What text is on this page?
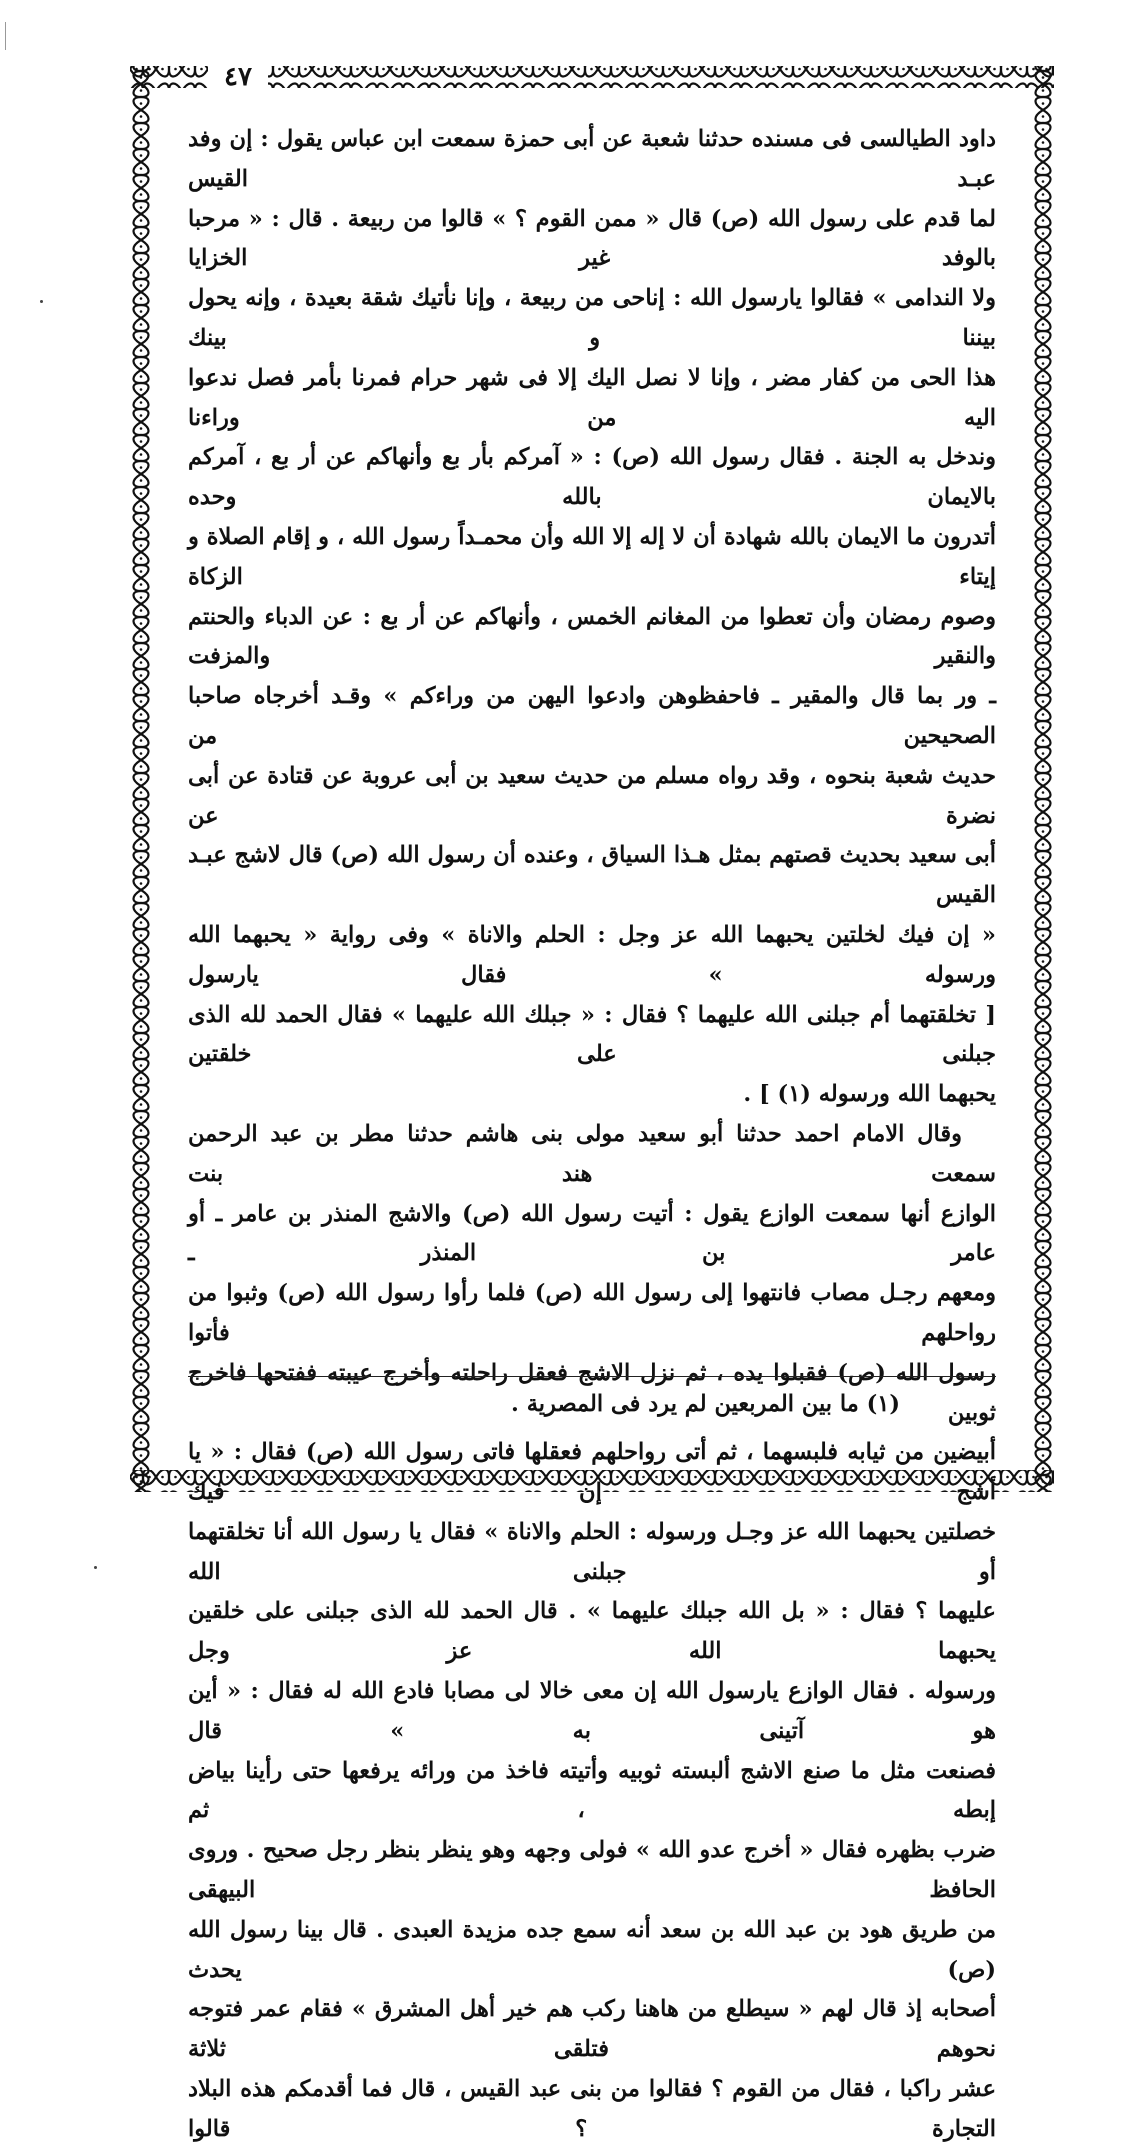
٤٧

داود الطيالسى فى مسنده حدثنا شعبة عن أبى حمزة سمعت ابن عباس يقول : إن وفد عبـد القيس

لما قدم على رسول الله (ص) قال « ممن القوم ؟ » قالوا من ربيعة . قال : « مرحبا بالوفد غير الخزايا

ولا الندامى » فقالوا يارسول الله : إناحى من ربيعة ، وإنا نأتيك شقة بعيدة ، وإنه يحول بيننا و بينك

هذا الحى من كفار مضر ، وإنا لا نصل اليك إلا فى شهر حرام فمرنا بأمر فصل ندعوا اليه من وراءنا

وندخل به الجنة . فقال رسول الله (ص) : « آمركم بأر بع وأنهاكم عن أر بع ، آمركم بالايمان بالله وحده

أتدرون ما الايمان بالله شهادة أن لا إله إلا الله وأن محمـداً رسول الله ، و إقام الصلاة و إيتاء الزكاة

وصوم رمضان وأن تعطوا من المغانم الخمس ، وأنهاكم عن أر بع : عن الدباء والحنتم والنقير والمزفت

ـ ور بما قال والمقير ـ فاحفظوهن وادعوا اليهن من وراءكم » وقـد أخرجاه صاحبا الصحيحين من

حديث شعبة بنحوه ، وقد رواه مسلم من حديث سعيد بن أبى عروبة عن قتادة عن أبى نضرة عن

أبى سعيد بحديث قصتهم بمثل هـذا السياق ، وعنده أن رسول الله (ص) قال لاشج عبـد القيس

« إن فيك لخلتين يحبهما الله عز وجل : الحلم والاناة » وفى رواية « يحبهما الله ورسوله » فقال يارسول

[ تخلقتهما أم جبلنى الله عليهما ؟ فقال : « جبلك الله عليهما » فقال الحمد لله الذى جبلنى على خلقتين

يحبهما الله ورسوله (١) ] .

وقال الامام احمد حدثنا أبو سعيد مولى بنى هاشم حدثنا مطر بن عبد الرحمن سمعت هند بنت

الوازع أنها سمعت الوازع يقول : أتيت رسول الله (ص) والاشج المنذر بن عامر ـ أو عامر بن المنذر ـ

ومعهم رجـل مصاب فانتهوا إلى رسول الله (ص) فلما رأوا رسول الله (ص) وثبوا من رواحلهم فأتوا

رسول الله (ص) فقبلوا يده ، ثم نزل الاشج فعقل راحلته وأخرج عيبته ففتحها فاخرج ثوبين

أبيضين من ثيابه فلبسهما ، ثم أتى رواحلهم فعقلها فاتى رسول الله (ص) فقال : « يا أشج إن فيك

خصلتين يحبهما الله عز وجـل ورسوله : الحلم والاناة » فقال يا رسول الله أنا تخلقتهما أو جبلنى الله

عليهما ؟ فقال : « بل الله جبلك عليهما » . قال الحمد لله الذى جبلنى على خلقين يحبهما الله عز وجل

ورسوله . فقال الوازع يارسول الله إن معى خالا لى مصابا فادع الله له فقال : « أين هو آتينى به » قال

فصنعت مثل ما صنع الاشج ألبسته ثوبيه وأتيته فاخذ من ورائه يرفعها حتى رأينا بياض إبطه ، ثم

ضرب بظهره فقال « أخرج عدو الله » فولى وجهه وهو ينظر بنظر رجل صحيح . وروى الحافظ البيهقى

من طريق هود بن عبد الله بن سعد أنه سمع جده مزيدة العبدى . قال بينا رسول الله (ص) يحدث

أصحابه إذ قال لهم « سيطلع من هاهنا ركب هم خير أهل المشرق » فقام عمر فتوجه نحوهم فتلقى ثلاثة

عشر راكبا ، فقال من القوم ؟ فقالوا من بنى عبد القيس ، قال فما أقدمكم هذه البلاد التجارة ؟ قالوا

(١) ما بين المربعين لم يرد فى المصرية .
